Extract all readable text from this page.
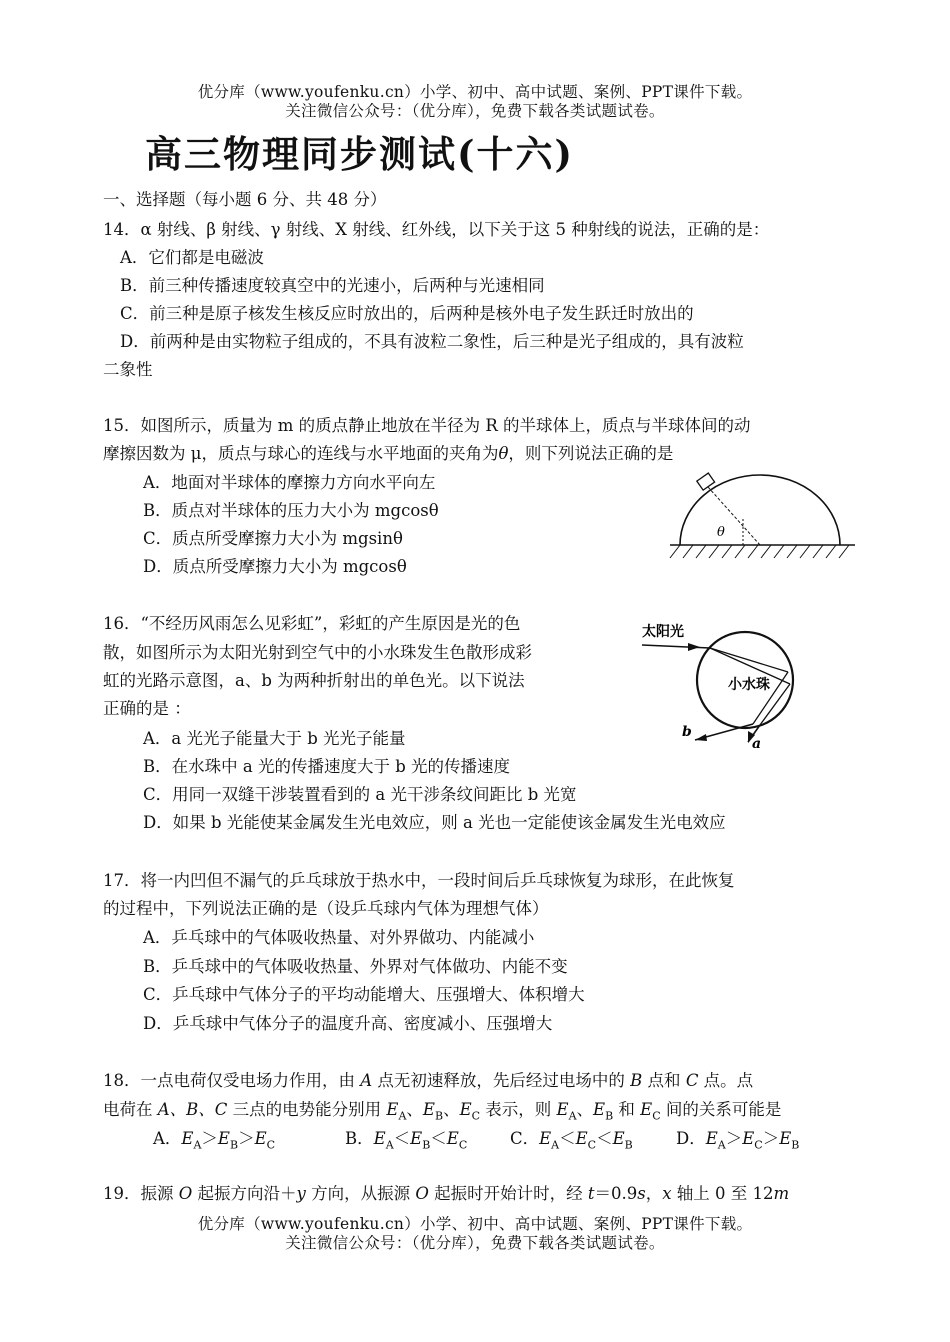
优分库（www.youfenku.cn）小学、初中、高中试题、案例、PPT课件下载。
关注微信公众号：（优分库），免费下载各类试题试卷。
高三物理同步测试(十六)
一、选择题（每小题 6 分、共 48 分）
14．α 射线、β 射线、γ 射线、X 射线、红外线，以下关于这 5 种射线的说法，正确的是：
A．它们都是电磁波
B．前三种传播速度较真空中的光速小，后两种与光速相同
C．前三种是原子核发生核反应时放出的，后两种是核外电子发生跃迁时放出的
D．前两种是由实物粒子组成的，不具有波粒二象性，后三种是光子组成的，具有波粒
二象性
15．如图所示，质量为 m 的质点静止地放在半径为 R 的半球体上，质点与半球体间的动
摩擦因数为 μ，质点与球心的连线与水平地面的夹角为θ，则下列说法正确的是
A．地面对半球体的摩擦力方向水平向左
B．质点对半球体的压力大小为 mgcosθ
C．质点所受摩擦力大小为 mgsinθ
D．质点所受摩擦力大小为 mgcosθ
θ
16．“不经历风雨怎么见彩虹”，彩虹的产生原因是光的色
散，如图所示为太阳光射到空气中的小水珠发生色散形成彩
虹的光路示意图，a、b 为两种折射出的单色光。以下说法
正确的是 ：
A．a 光光子能量大于 b 光光子能量
B．在水珠中 a 光的传播速度大于 b 光的传播速度
C．用同一双缝干涉装置看到的 a 光干涉条纹间距比 b 光宽
D．如果 b 光能使某金属发生光电效应，则 a 光也一定能使该金属发生光电效应
太阳光
小水珠
b
a
17．将一内凹但不漏气的乒乓球放于热水中，一段时间后乒乓球恢复为球形，在此恢复
的过程中，下列说法正确的是（设乒乓球内气体为理想气体）
A．乒乓球中的气体吸收热量、对外界做功、内能减小
B．乒乓球中的气体吸收热量、外界对气体做功、内能不变
C．乒乓球中气体分子的平均动能增大、压强增大、体积增大
D．乒乓球中气体分子的温度升高、密度减小、压强增大
18．一点电荷仅受电场力作用，由 A 点无初速释放，先后经过电场中的 B 点和 C 点。点
电荷在 A、B、C 三点的电势能分别用 $E_A$、$E_B$、$E_C$ 表示，则 $E_A$、$E_B$ 和 $E_C$ 间的关系可能是
A．$E_A>E_B>E_C$	B．$E_A<E_B<E_C$	C．$E_A<E_C<E_B$	D．$E_A>E_C>E_B$
19．振源 O 起振方向沿＋y 方向，从振源 O 起振时开始计时，经 t＝0.9s，x 轴上 0 至 12m
优分库（www.youfenku.cn）小学、初中、高中试题、案例、PPT课件下载。
关注微信公众号：（优分库），免费下载各类试题试卷。
